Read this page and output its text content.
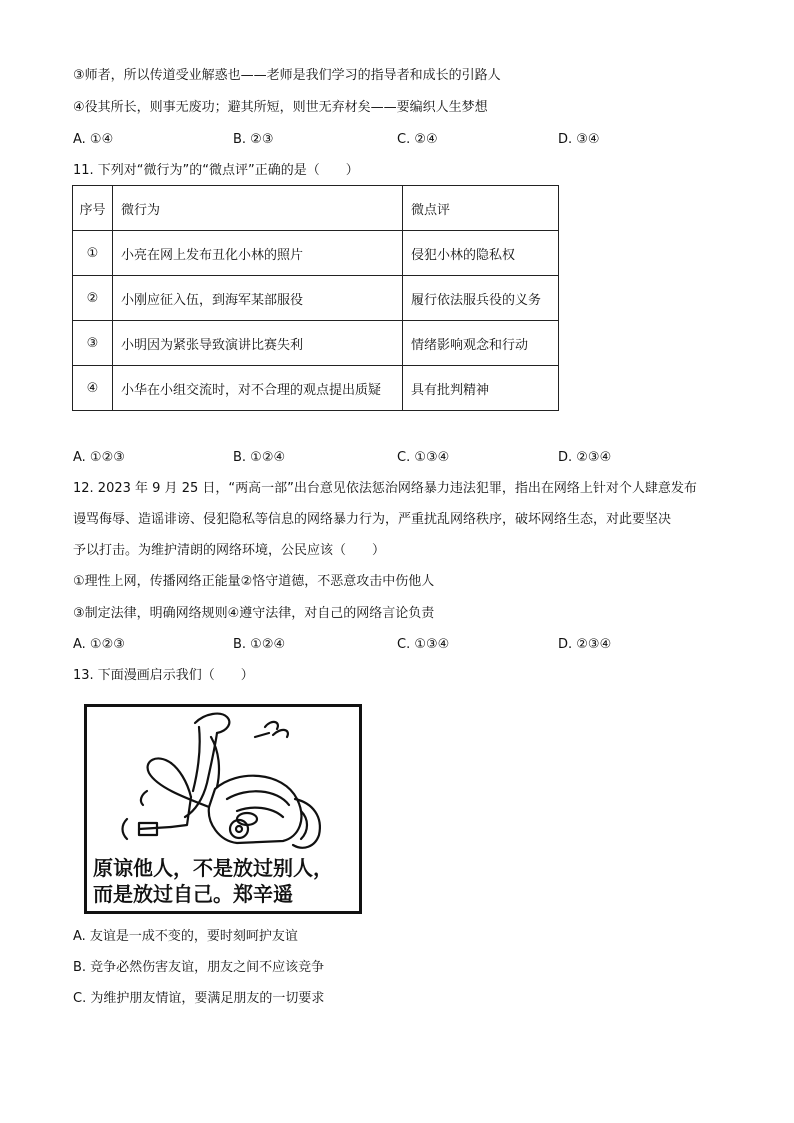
③师者，所以传道受业解惑也——老师是我们学习的指导者和成长的引路人
④役其所长，则事无废功；避其所短，则世无弃材矣——要编织人生梦想
A. ①④	B. ②③	C. ②④	D. ③④
11. 下列对“微行为”的“微点评”正确的是（　　）
序号	微行为	微点评
①	小亮在网上发布丑化小林的照片	侵犯小林的隐私权
②	小刚应征入伍，到海军某部服役	履行依法服兵役的义务
③	小明因为紧张导致演讲比赛失利	情绪影响观念和行动
④	小华在小组交流时，对不合理的观点提出质疑	具有批判精神
A. ①②③	B. ①②④	C. ①③④	D. ②③④
12. 2023 年 9 月 25 日，“两高一部”出台意见依法惩治网络暴力违法犯罪，指出在网络上针对个人肆意发布
谩骂侮辱、造谣诽谤、侵犯隐私等信息的网络暴力行为，严重扰乱网络秩序，破坏网络生态，对此要坚决
予以打击。为维护清朗的网络环境，公民应该（　　）
①理性上网，传播网络正能量②恪守道德，不恶意攻击中伤他人
③制定法律，明确网络规则④遵守法律，对自己的网络言论负责
A. ①②③	B. ①②④	C. ①③④	D. ②③④
13. 下面漫画启示我们（　　）
原谅他人，不是放过别人，
而是放过自己。郑辛遥
A. 友谊是一成不变的，要时刻呵护友谊
B. 竞争必然伤害友谊，朋友之间不应该竞争
C. 为维护朋友情谊，要满足朋友的一切要求
